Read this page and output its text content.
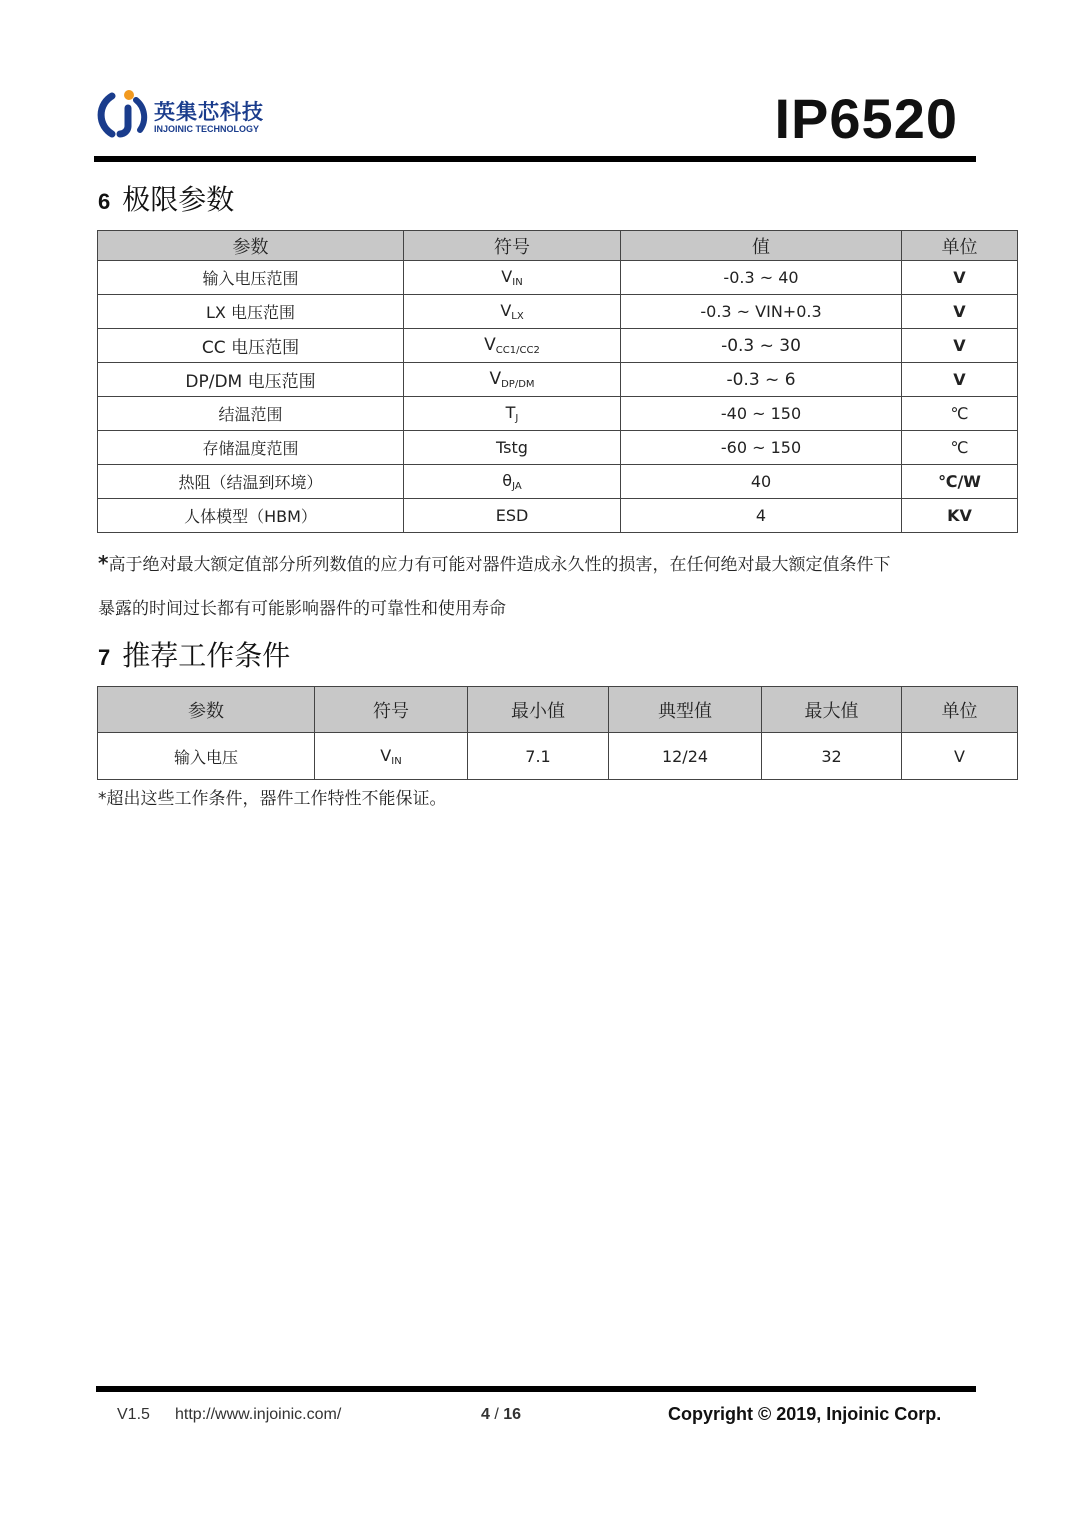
英集芯科技
INJOINIC TECHNOLOGY	IP6520
6 极限参数
参数	符号	值	单位
输入电压范围	$V_{IN}$	-0.3 ~ 40	V
LX 电压范围	$V_{LX}$	-0.3 ~ VIN+0.3	V
CC 电压范围	$V_{CC1/CC2}$	-0.3 ~ 30	V
DP/DM 电压范围	$V_{DP/DM}$	-0.3 ~ 6	V
结温范围	$T_J$	-40 ~ 150	℃
存储温度范围	Tstg	-60 ~ 150	℃
热阻（结温到环境）	$\theta_{JA}$	40	℃/W
人体模型（HBM）	ESD	4	KV
*高于绝对最大额定值部分所列数值的应力有可能对器件造成永久性的损害，在任何绝对最大额定值条件下
暴露的时间过长都有可能影响器件的可靠性和使用寿命
7 推荐工作条件
参数	符号	最小值	典型值	最大值	单位
输入电压	$V_{IN}$	7.1	12/24	32	V
*超出这些工作条件，器件工作特性不能保证。
V1.5 http://www.injoinic.com/	4 / 16	Copyright © 2019, Injoinic Corp.
